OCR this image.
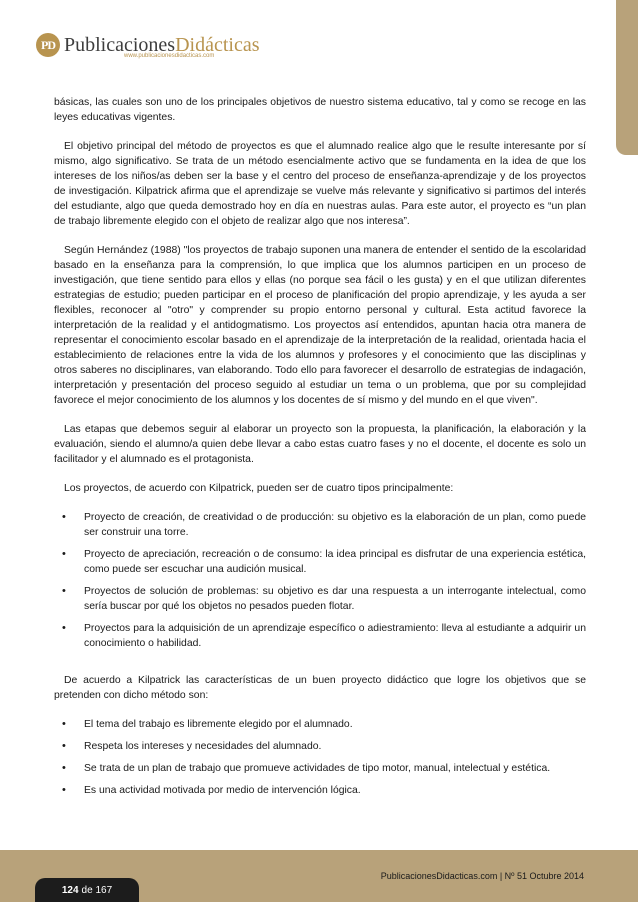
PD PublicacionesDidácticas
www.publicacionesdidacticas.com

básicas, las cuales son uno de los principales objetivos de nuestro sistema educativo, tal y como se recoge en las leyes educativas vigentes.

El objetivo principal del método de proyectos es que el alumnado realice algo que le resulte interesante por sí mismo, algo significativo. Se trata de un método esencialmente activo que se fundamenta en la idea de que los intereses de los niños/as deben ser la base y el centro del proceso de enseñanza-aprendizaje y de los proyectos de investigación. Kilpatrick afirma que el aprendizaje se vuelve más relevante y significativo si partimos del interés del estudiante, algo que queda demostrado hoy en día en nuestras aulas. Para este autor, el proyecto es “un plan de trabajo libremente elegido con el objeto de realizar algo que nos interesa”.

Según Hernández (1988) "los proyectos de trabajo suponen una manera de entender el sentido de la escolaridad basado en la enseñanza para la comprensión, lo que implica que los alumnos participen en un proceso de investigación, que tiene sentido para ellos y ellas (no porque sea fácil o les gusta) y en el que utilizan diferentes estrategias de estudio; pueden participar en el proceso de planificación del propio aprendizaje, y les ayuda a ser flexibles, reconocer al "otro" y comprender su propio entorno personal y cultural. Esta actitud favorece la interpretación de la realidad y el antidogmatismo. Los proyectos así entendidos, apuntan hacia otra manera de representar el conocimiento escolar basado en el aprendizaje de la interpretación de la realidad, orientada hacia el establecimiento de relaciones entre la vida de los alumnos y profesores y el conocimiento que las disciplinas y otros saberes no disciplinares, van elaborando. Todo ello para favorecer el desarrollo de estrategias de indagación, interpretación y presentación del proceso seguido al estudiar un tema o un problema, que por su complejidad favorece el mejor conocimiento de los alumnos y los docentes de sí mismo y del mundo en el que viven".

Las etapas que debemos seguir al elaborar un proyecto son la propuesta, la planificación, la elaboración y la evaluación, siendo el alumno/a quien debe llevar a cabo estas cuatro fases y no el docente, el docente es solo un facilitador y el alumnado es el protagonista.

Los proyectos, de acuerdo con Kilpatrick, pueden ser de cuatro tipos principalmente:

• Proyecto de creación, de creatividad o de producción: su objetivo es la elaboración de un plan, como puede ser construir una torre.
• Proyecto de apreciación, recreación o de consumo: la idea principal es disfrutar de una experiencia estética, como puede ser escuchar una audición musical.
• Proyectos de solución de problemas: su objetivo es dar una respuesta a un interrogante intelectual, como sería buscar por qué los objetos no pesados pueden flotar.
• Proyectos para la adquisición de un aprendizaje específico o adiestramiento: lleva al estudiante a adquirir un conocimiento o habilidad.

De acuerdo a Kilpatrick las características de un buen proyecto didáctico que logre los objetivos que se pretenden con dicho método son:

• El tema del trabajo es libremente elegido por el alumnado.
• Respeta los intereses y necesidades del alumnado.
• Se trata de un plan de trabajo que promueve actividades de tipo motor, manual, intelectual y estética.
• Es una actividad motivada por medio de intervención lógica.
PublicacionesDidacticas.com | Nº 51 Octubre 2014
124 de 167
